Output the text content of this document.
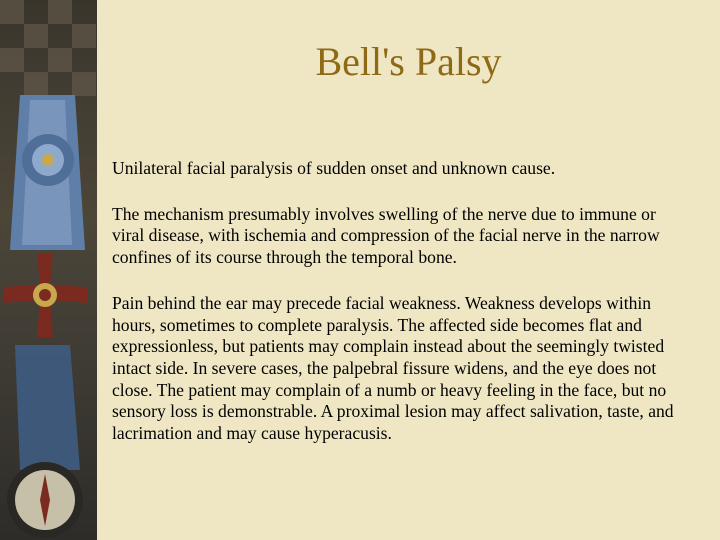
Bell's Palsy
Unilateral facial paralysis of sudden onset and unknown cause.
The mechanism presumably involves swelling of the nerve due to immune or viral disease, with ischemia and compression of the facial nerve in the narrow confines of its course through the temporal bone.
Pain behind the ear may precede facial weakness. Weakness develops within hours, sometimes to complete paralysis. The affected side becomes flat and expressionless, but patients may complain instead about the seemingly twisted intact side. In severe cases, the palpebral fissure widens, and the eye does not close. The patient may complain of a numb or heavy feeling in the face, but no sensory loss is demonstrable. A proximal lesion may affect salivation, taste, and lacrimation and may cause hyperacusis.
